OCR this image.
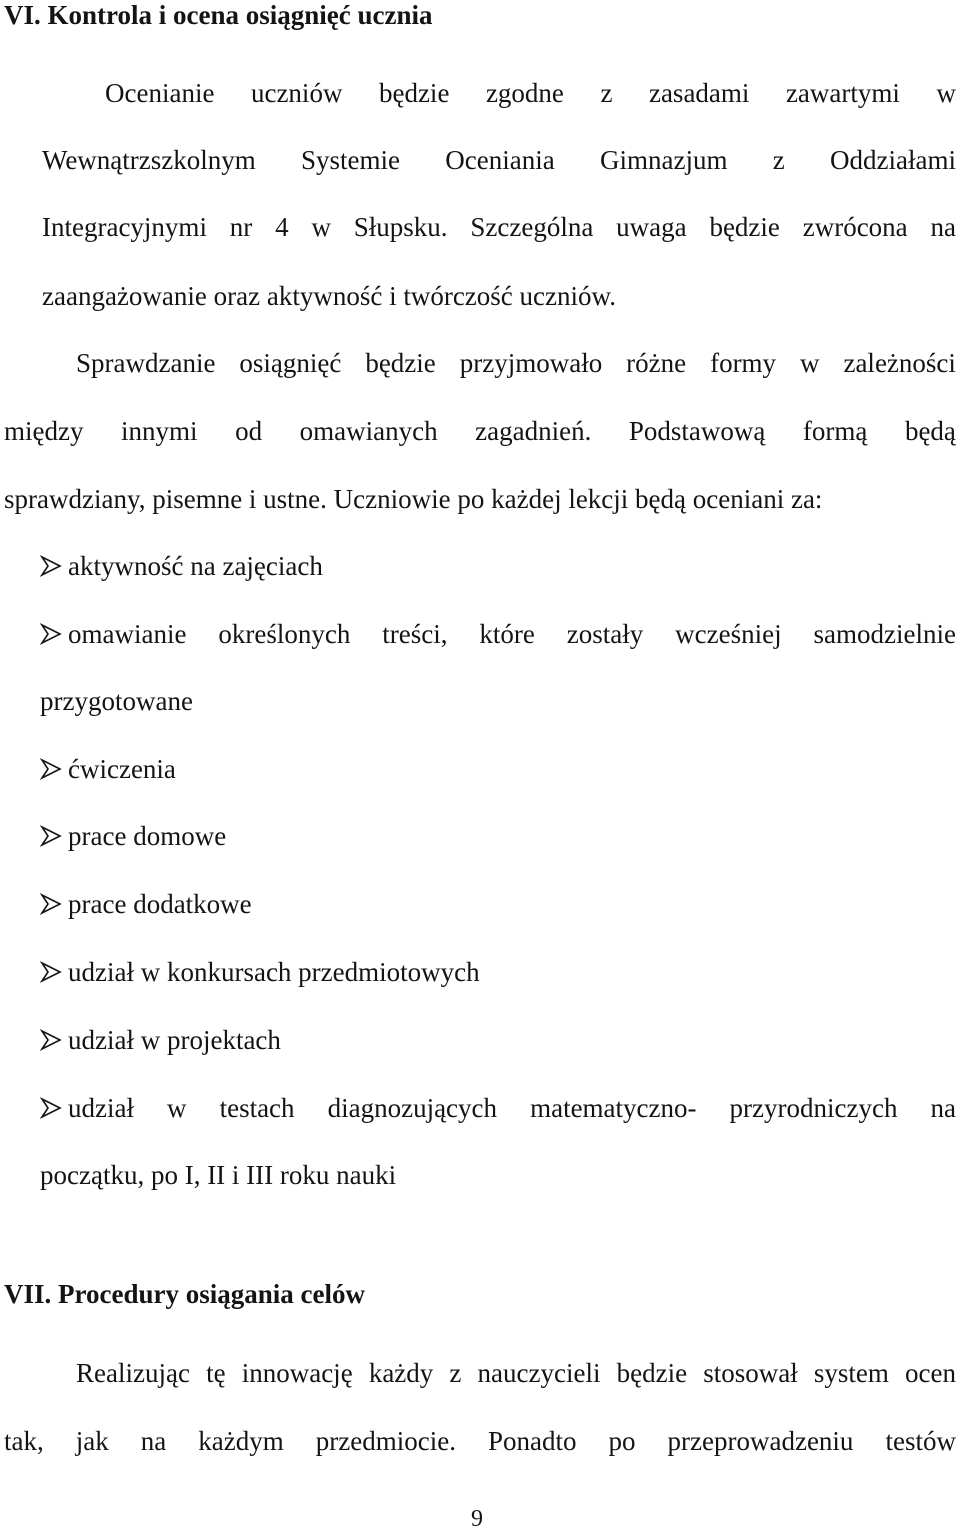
VI. Kontrola i ocena osiągnięć ucznia
Ocenianie uczniów będzie zgodne z zasadami zawartymi w
Wewnątrzszkolnym Systemie Oceniania Gimnazjum z Oddziałami
Integracyjnymi nr 4 w Słupsku. Szczególna uwaga będzie zwrócona na
zaangażowanie oraz aktywność i twórczość uczniów.
Sprawdzanie osiągnięć będzie przyjmowało różne formy w zależności
między innymi od omawianych zagadnień. Podstawową formą będą
sprawdziany, pisemne i ustne. Uczniowie po każdej lekcji będą oceniani za:
aktywność na zajęciach
omawianie określonych treści, które zostały wcześniej samodzielnie
przygotowane
ćwiczenia
prace domowe
prace dodatkowe
udział w konkursach przedmiotowych
udział w projektach
udział w testach diagnozujących matematyczno- przyrodniczych na
początku, po I, II i III roku nauki
VII. Procedury osiągania celów
Realizując tę innowację każdy z nauczycieli będzie stosował system ocen
tak, jak na każdym przedmiocie. Ponadto po przeprowadzeniu testów
9
